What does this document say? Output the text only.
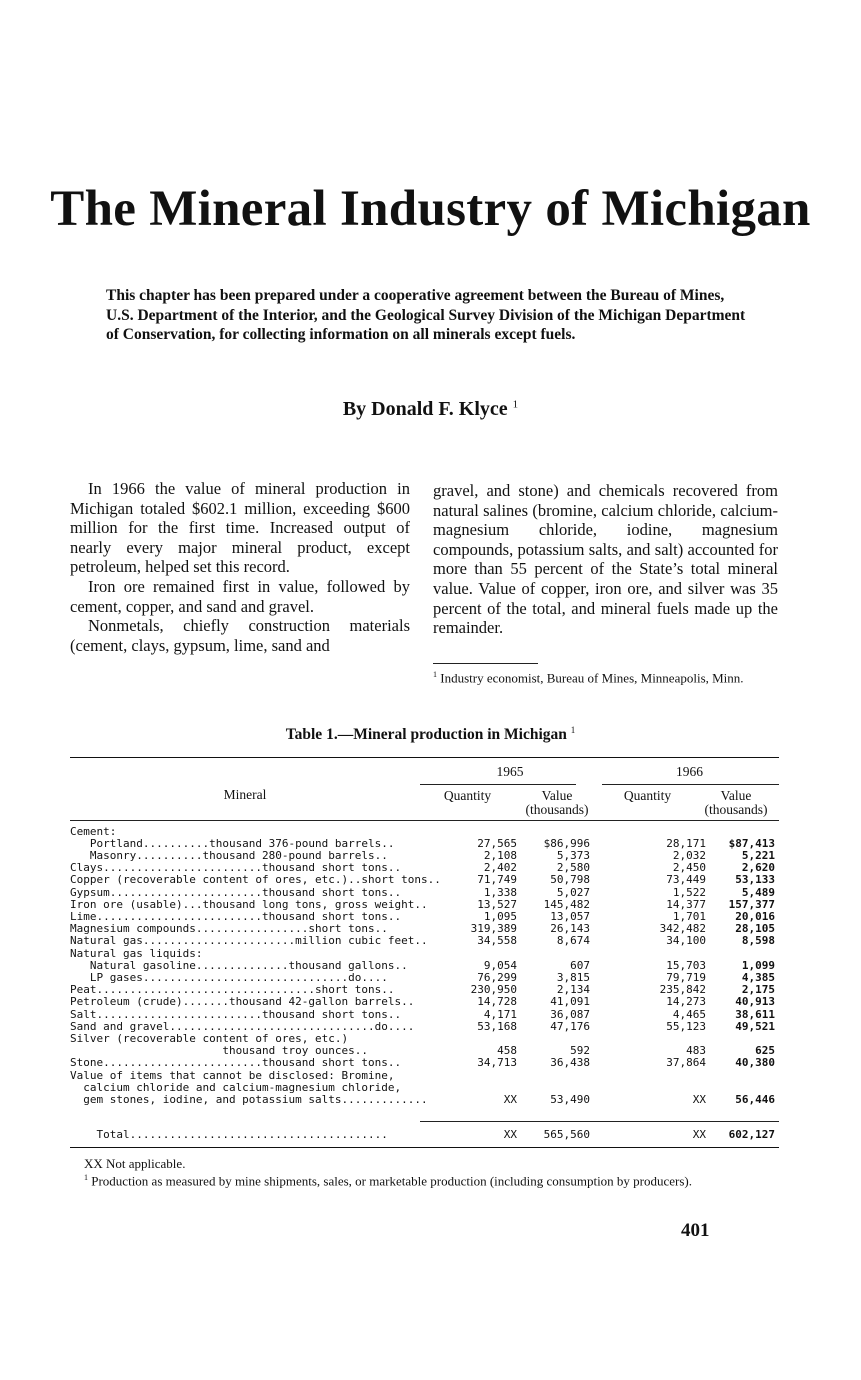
The Mineral Industry of Michigan
This chapter has been prepared under a cooperative agreement between the Bureau of Mines, U.S. Department of the Interior, and the Geological Survey Division of the Michigan Department of Conservation, for collecting information on all minerals except fuels.
By Donald F. Klyce $^1$

In 1966 the value of mineral production in Michigan totaled $602.1 million, exceeding $600 million for the first time. Increased output of nearly every major mineral product, except petroleum, helped set this record.

Iron ore remained first in value, followed by cement, copper, and sand and gravel.

Nonmetals, chiefly construction materials (cement, clays, gypsum, lime, sand and

gravel, and stone) and chemicals recovered from natural salines (bromine, calcium chloride, calcium-magnesium chloride, iodine, magnesium compounds, potassium salts, and salt) accounted for more than 55 percent of the State’s total mineral value. Value of copper, iron ore, and silver was 35 percent of the total, and mineral fuels made up the remainder.

$^1$ Industry economist, Bureau of Mines, Minneapolis, Minn.
Table 1.—Mineral production in Michigan $^1$
Mineral
1965	1966
Quantity	Value
(thousands)
Quantity	Value
(thousands)
Cement:
Portland..........thousand 376-pound barrels..	27,565	$86,996	28,171	$87,413
Masonry..........thousand 280-pound barrels..	2,108	5,373	2,032	5,221
Clays........................thousand short tons..	2,402	2,580	2,450	2,620
Copper (recoverable content of ores, etc.)..short tons..	71,749	50,798	73,449	53,133
Gypsum.......................thousand short tons..	1,338	5,027	1,522	5,489
Iron ore (usable)...thousand long tons, gross weight..	13,527	145,482	14,377	157,377
Lime.........................thousand short tons..	1,095	13,057	1,701	20,016
Magnesium compounds.................short tons..	319,389	26,143	342,482	28,105
Natural gas.......................million cubic feet..	34,558	8,674	34,100	8,598
Natural gas liquids:
Natural gasoline..............thousand gallons..	9,054	607	15,703	1,099
LP gases...............................do....	76,299	3,815	79,719	4,385
Peat.................................short tons..	230,950	2,134	235,842	2,175
Petroleum (crude).......thousand 42-gallon barrels..	14,728	41,091	14,273	40,913
Salt.........................thousand short tons..	4,171	36,087	4,465	38,611
Sand and gravel...............................do....	53,168	47,176	55,123	49,521
Silver (recoverable content of ores, etc.)
thousand troy ounces..	458	592	483	625
Stone........................thousand short tons..	34,713	36,438	37,864	40,380
Value of items that cannot be disclosed: Bromine,
calcium chloride and calcium-magnesium chloride,
gem stones, iodine, and potassium salts.............	XX	53,490	XX	56,446
Total.......................................	XX	565,560	XX	602,127

XX Not applicable.

$^1$ Production as measured by mine shipments, sales, or marketable production (including consumption by producers).

401
